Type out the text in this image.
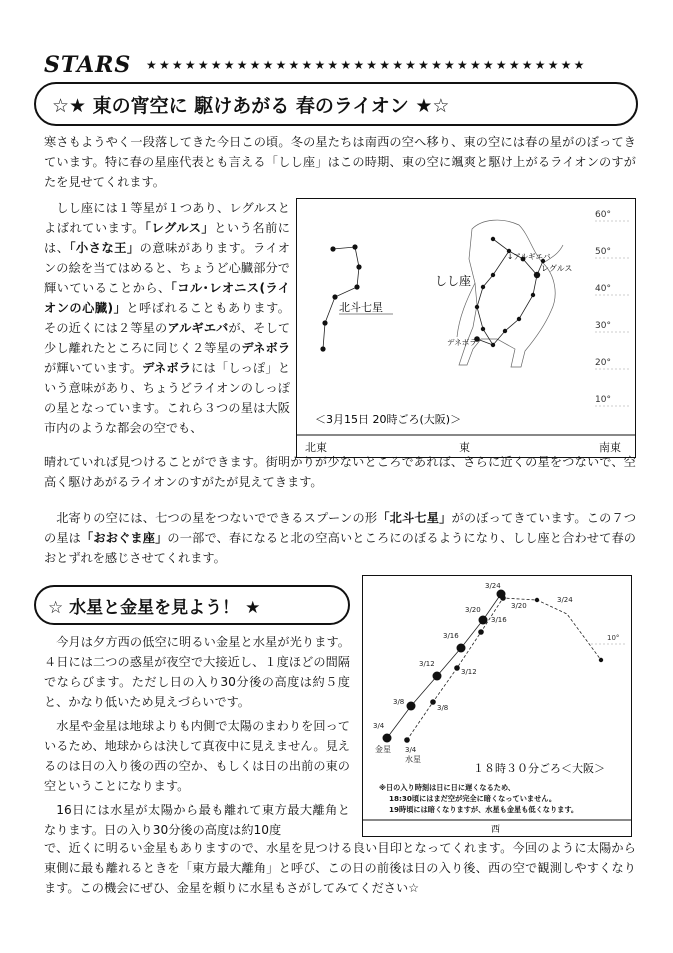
STARS ★★★★★★★★★★★★★★★★★★★★★★★★★★★★★★★★★★
☆★ 東の宵空に 駆けあがる 春のライオン ★☆

寒さもようやく一段落してきた今日この頃。冬の星たちは南西の空へ移り、東の空には春の星がのぼってきています。特に春の星座代表とも言える「しし座」はこの時期、東の空に颯爽と駆け上がるライオンのすがたを見せてくれます。

しし座には１等星が１つあり、レグルスとよばれています。「レグルス」という名前には、「小さな王」の意味があります。ライオンの絵を当てはめると、ちょうど心臓部分で輝いていることから、「コル･レオニス(ライオンの心臓)」と呼ばれることもあります。その近くには２等星のアルギエバが、そして少し離れたところに同じく２等星のデネボラが輝いています。デネボラには「しっぽ」という意味があり、ちょうどライオンのしっぽの星となっています。これら３つの星は大阪市内のような都会の空でも、

60°
50°
40°
30°
20°
10°
北斗七星
↓アルギエバ
レグルス
デネボラ
しし座
＜3月15日 20時ごろ(大阪)＞
北東	東	南東

晴れていれば見つけることができます。街明かりが少ないところであれば、さらに近くの星をつないで、空高く駆けあがるライオンのすがたが見えてきます。

北寄りの空には、七つの星をつないでできるスプーンの形「北斗七星」がのぼってきています。この７つの星は「おおぐま座」の一部で、春になると北の空高いところにのぼるようになり、しし座と合わせて春のおとずれを感じさせてくれます。

☆ 水星と金星を見よう！ ★
10°
3/4
3/8
3/12
3/16
3/20
3/24
3/4
3/8
3/12
3/16
3/20
3/24
金星
水星
１８時３０分ごろ＜大阪＞
※日の入り時刻は日に日に遅くなるため、
18:30頃にはまだ空が完全に暗くなっていません。
19時頃には暗くなりますが、水星も金星も低くなります。
西

今月は夕方西の低空に明るい金星と水星が光ります。４日には二つの惑星が夜空で大接近し、１度ほどの間隔でならびます。ただし日の入り30分後の高度は約５度と、かなり低いため見えづらいです。

水星や金星は地球よりも内側で太陽のまわりを回っているため、地球からは決して真夜中に見えません。見えるのは日の入り後の西の空か、もしくは日の出前の東の空ということになります。

16日には水星が太陽から最も離れて東方最大離角となります。日の入り30分後の高度は約10度

で、近くに明るい金星もありますので、水星を見つける良い目印となってくれます。今回のように太陽から東側に最も離れるときを「東方最大離角」と呼び、この日の前後は日の入り後、西の空で観測しやすくなります。この機会にぜひ、金星を頼りに水星もさがしてみてください☆
